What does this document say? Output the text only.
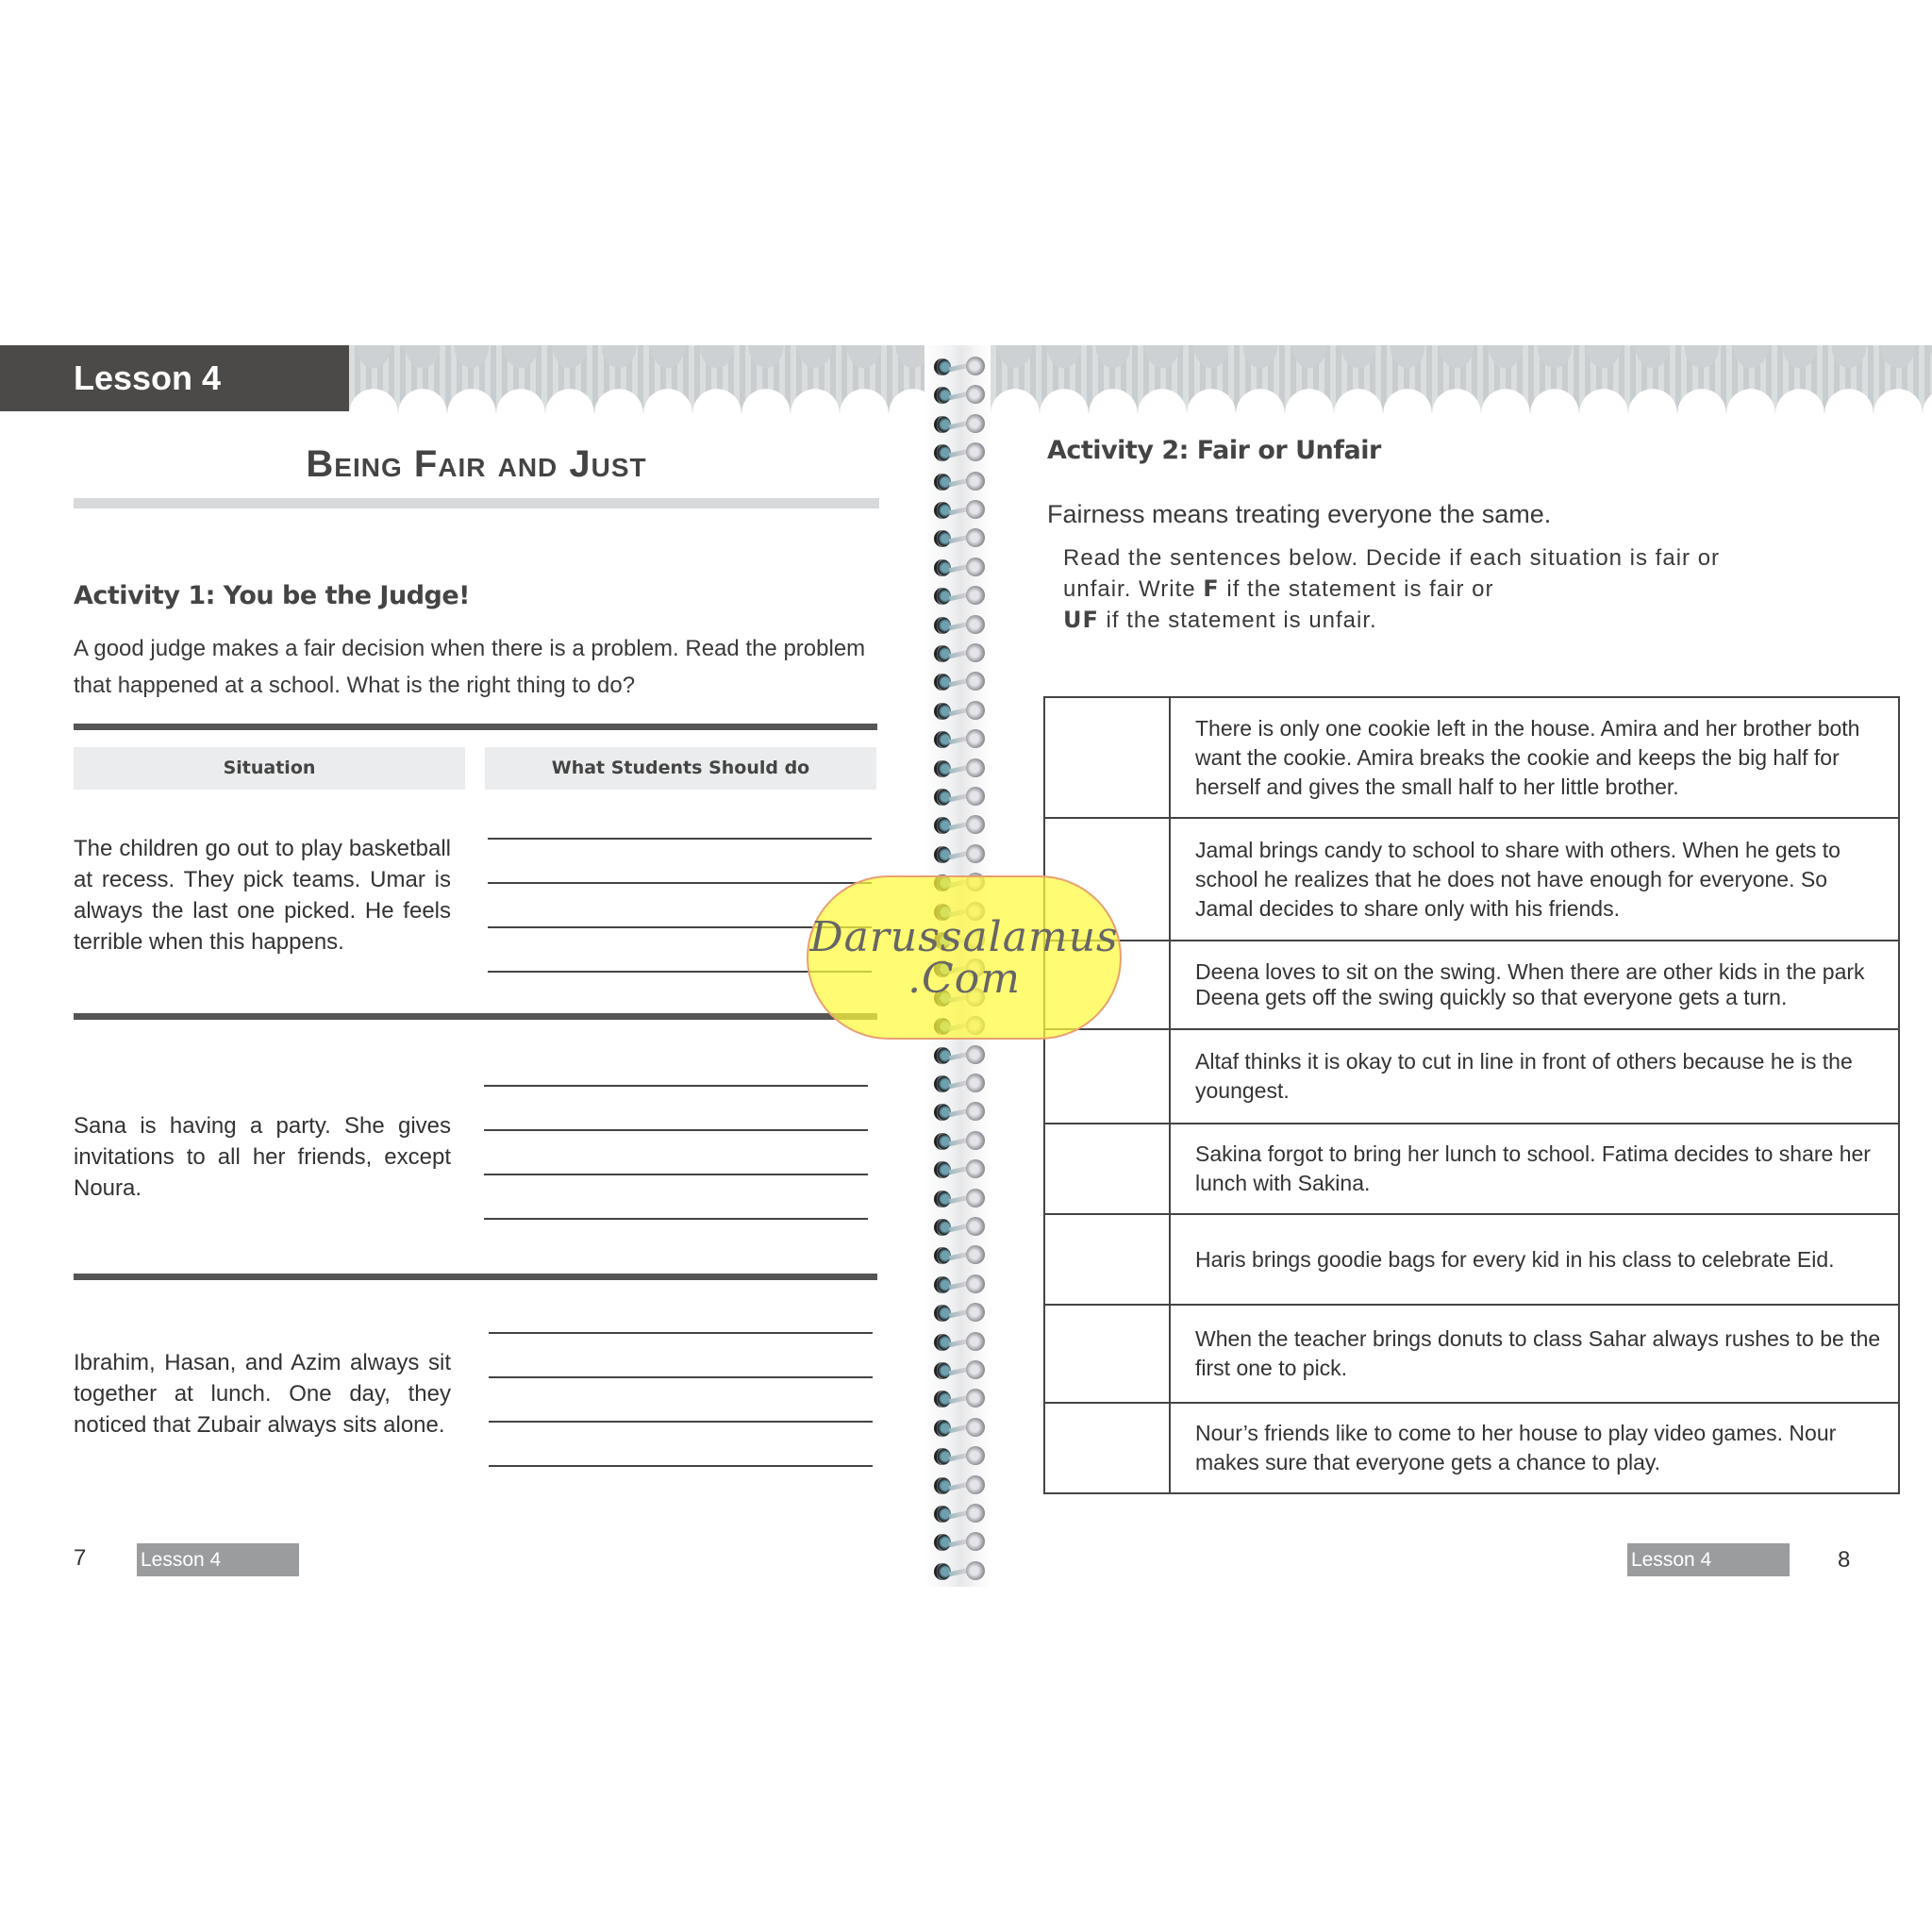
Lesson 4
Being Fair and Just
Activity 1: You be the Judge!
A good judge makes a fair decision when there is a problem. Read the problem that happened at a school. What is the right thing to do?
Situation	What Students Should do
The children go out to play basketball at recess. They pick teams. Umar is always the last one picked. He feels terrible when this happens.
Sana is having a party. She gives invitations to all her friends, except Noura.
Ibrahim, Hasan, and Azim always sit together at lunch. One day, they noticed that Zubair always sits alone.
7	Lesson 4
Activity 2: Fair or Unfair
Fairness means treating everyone the same.
Read the sentences below. Decide if each situation is fair or unfair. Write F if the statement is fair or
UF if the statement is unfair.
	There is only one cookie left in the house. Amira and her brother both want the cookie. Amira breaks the cookie and keeps the big half for herself and gives the small half to her little brother.
	Jamal brings candy to school to share with others. When he gets to school he realizes that he does not have enough for everyone. So Jamal decides to share only with his friends.
	Deena loves to sit on the swing. When there are other kids in the park Deena gets off the swing quickly so that everyone gets a turn.
	Altaf thinks it is okay to cut in line in front of others because he is the youngest.
	Sakina forgot to bring her lunch to school. Fatima decides to share her lunch with Sakina.
	Haris brings goodie bags for every kid in his class to celebrate Eid.
	When the teacher brings donuts to class Sahar always rushes to be the first one to pick.
	Nour’s friends like to come to her house to play video games. Nour makes sure that everyone gets a chance to play.
Lesson 4	8
Darussalamus
.Com
